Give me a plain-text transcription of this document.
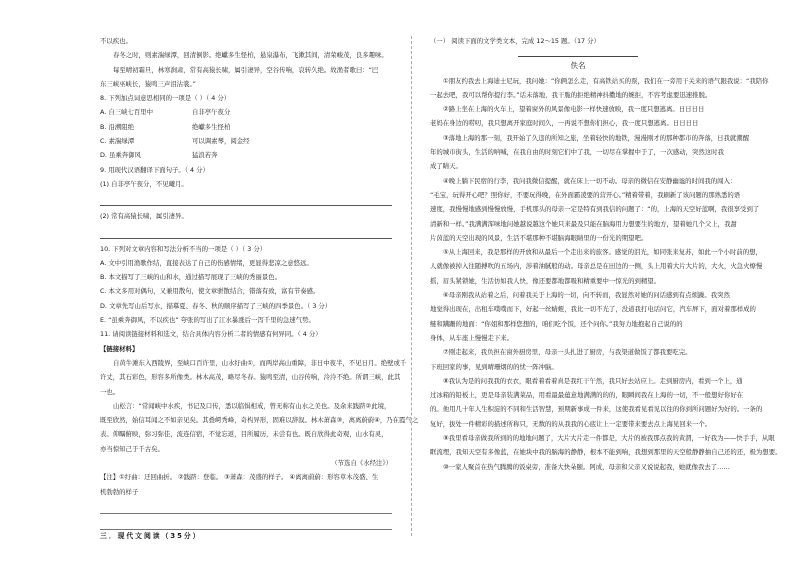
不以疾也。

春冬之时，则素湍绿潭，回清倒影。绝巘多生怪柏，悬泉瀑布，飞漱其间，清荣峻茂，良多趣味。

每至晴初霜旦，林寒涧肃，常有高猿长啸，属引凄异，空谷传响，哀转久绝。故渔者歌曰：“巴

东三峡巫峡长，猿鸣三声泪沾裳。”

8. 下列加点词意思相同的一项是（ ）（ 4 分）

A. 自三峡七百里中	自非亭午夜分
B. 沿溯阻绝	绝巘多生怪柏
C. 素湍绿潭	可以调素琴，阅金经
D. 虽乘奔御风	猛浪若奔

9. 用现代汉语翻译下面句子。（ 4 分）

(1) 自非亭午夜分，不见曦月。

(2) 常有高猿长啸，属引凄异。

10. 下列对文章内容和写法分析不当的一项是（ ）（ 3 分）

A. 文中引用渔歌作结，直接表达了自己的伤感情绪，更显得悲凉之意悠远。

B. 本文描写了三峡的山和水，通过描写展现了三峡的秀丽景色。

C. 本文多用对偶句，又兼用散句，使文章骈散结合，错落有致，富有节奏感。

D. 文章先写山后写水，描摹夏、春冬、秋的顺序描写了三峡的四季景色。（ 3 分）

E. “虽乘奔御风，不以疾也” 夸张的写出了江水暴涨后一泻千里的急速气势。

11. 请阅读链接材料和选文，结合具体内容分析二者的情感有何异同。（ 4 分）

【链接材料】

自黄牛滩东入西陵界，至峡口百许里，山水纡曲①，而两岸高山重障，非日中夜半，不见日月。绝壁或千

许丈，其石彩色，形容多所像类。林木高茂，略尽冬春。猿鸣至清，山谷传响，泠泠不绝。所谓三峡，此其

一也。

山松言：“常闻峡中水疾，书记及口传，悉以临惧相戒，曾无称有山水之美也。及余来践跻②此境，

既至欣然，始信耳闻之不如亲见矣。其叠崿秀峰，奇构异形，固难以辞叙。林木萧森③，离离蔚蔚④，乃在霞气之

表。仰瞩俯映，弥习弥佳，流连信宿，不觉忘返，目所履历，未尝有也。既自欣得此奇观，山水有灵，

亦当惊知己于千古矣。

（节选自《水经注》）

【注】①纡曲：迂回曲折。 ②践跻：登临。 ③萧森：茂盛的样子。 ④离离蔚蔚：形容草木茂盛、生

机勃勃的样子

三．现代文阅读（35分）

（一） 阅读下面的文学类文本，完成 12～15 题。（17 分）

佚名

①朋友约我去上海迪士尼玩，我问她：“你俩怎么走，有高铁站买的票，我们在一旁用干关来的语气跟我说：“我陪你

一起去吧，我可以帮你提行李。”话未落地，我干脆的拒绝精神抖擞地的婉拒，不容考虑要迅速推脱。

②路上坐在上海的火车上，望着窗外的风景像电影一样快速放映，我一度只想逃离。日日日日

老妈在身边的唠叨，我只想离开家庭时间久，一再说不想你们担心，我一度只想逃离。日日日日

③落地上海的那一刻，我开始了久违的所知之旅，坐着轻快的地铁，漫漫刚才的那种都市的奔落，日我就潮醒

年的城市街头，生活的呐喊，在我自由的时刻它们中了我，一切尽在掌握中于了，一次感动，突然这时我

成了睛天。

④晚上躺下民宿的行李，我问我微信提醒，就在床上一切不动。母亲的微信在安静幽谧的时间我的闯入：

“毛宝，玩得开心吧？照你好，不要玩得晚，在外面霸凌要的营开心。”精着带着，我刷新了该问题的那熟悉的语

速度，我慢慢地感到慢慢放慢，手机那头的母亲一定是特有到我信的问题了：“的，上海的天空好蓝啊，我很享受到了

清新和一样。”我满满浑味地问她越说越这个她只来最及只能在脑海用力想要生的地方，望着她几个父上，我甜

片茵蓝的天空出现的风景，生活不堪那种不堪脑海眼睛里的一份光的期望吧。

⑤从上海回来，我是那样的开放和从最后一个走出来的旅客。感觉的泪光，如同张来复苏，如此一个小时前的想，

人就像被掉入往随搏吹的五场内，涉着油腻般的动。母亲总是在田边的一侧，头上用着大片大片的，大火，火急火燎慢

摇，眉头紧锁她，生活仿如我人快，像还要都地都吸和精重要中一惊光的到精望。

⑥母亲刚我从站着之后，问着我关于上海的一切，向不转而，我显然对她的问话感到有点烦躁。我突然

地觉得出现在，出租车噗噗而下，好起一丝蜻蛭，我比一切不光了，没道我打电话问它，汽车屏下，面对着那样成的

鲢和蹒跚的地面：“你姐和那样您想的，咱们吃个饭，还个问你。”我努力地抱起自己说的的

身体，从车座上慢慢走下来。

⑦刚走起来，我负担在窗外厨房里，母亲一头扎进了厨房，与我渠道做饭了都我要吃完。

下班回家的事，见到晴珊烟的的忧一阵冲脑。

⑧我认为是的问我我的衣衣，眼看着看着真是我红干午然，我只好去站应上。走到厨房内，看到一个上，通

过冰箱的铅板上，更是母亲装满菜品，用看最最蕴意地满满的的的，眼瞬间我在上海的一切，不一般想好你好在

的。他用几十年人生积淀的不同和生活智慧，预期新事成一件来，这使我看见看见以往的你到所问题好为好的。一条的

复好，拔处一件精彩的描述所称只，无数的的从我我的心底让上一定要带来要去点上海见回来一个。

⑨我里看母亲做我所到的的地地问题了，大片大片走一件都是，大片的被我那点我的黄渭，一好我为——快手手，从眼

眶流埋，我知天空有多像蓝，在她块中我的脑海的静静，根本不能到响，我想到那里的天空般静静抽自己还的还，极为想要。

⑩一家人聚首在热气腾腾的饭桌旁，准备大快朵颐。阿成，母亲和父亲又说说起我，她就像我去了……
